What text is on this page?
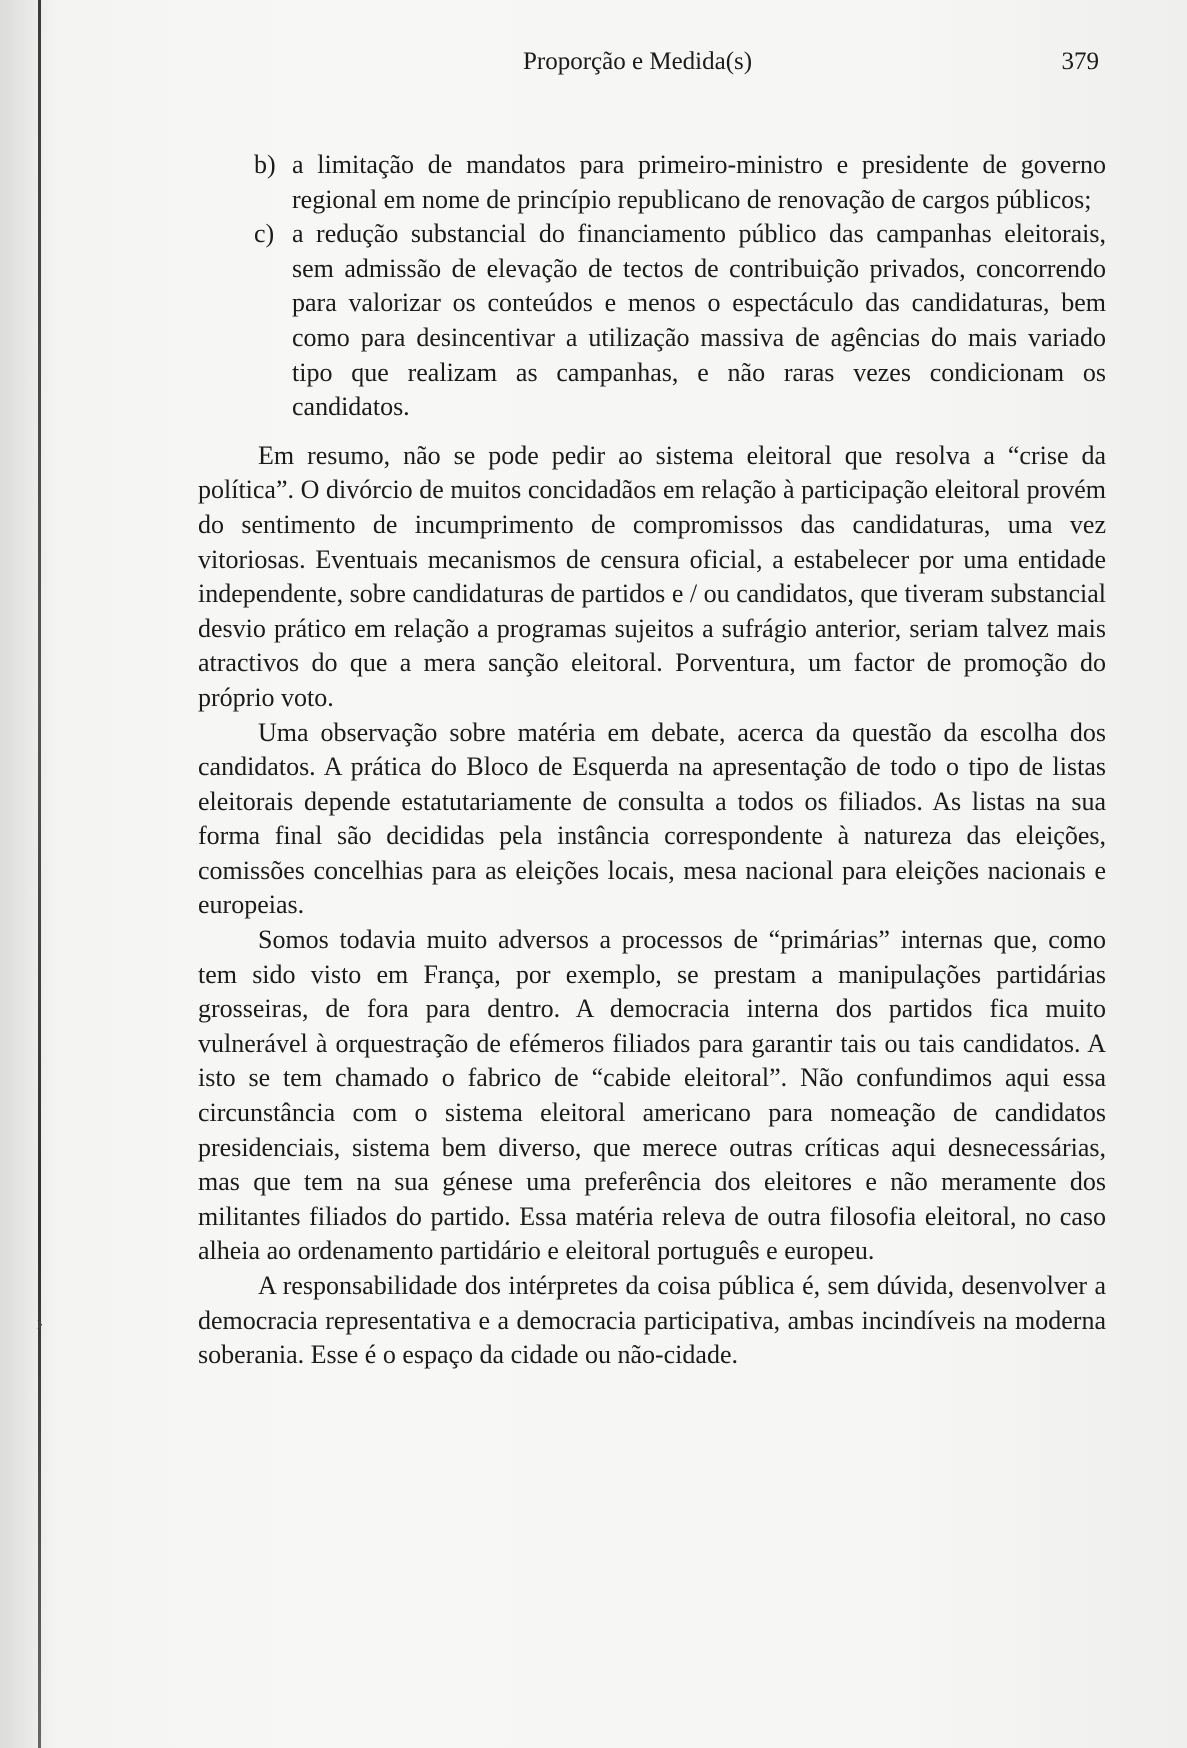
›
Proporção e Medida(s)	379
b) a limitação de mandatos para primeiro-ministro e presidente de governo regional em nome de princípio republicano de renovação de cargos públicos;
c) a redução substancial do financiamento público das campanhas eleitorais, sem admissão de elevação de tectos de contribuição privados, concorrendo para valorizar os conteúdos e menos o espectáculo das candidaturas, bem como para desincentivar a utilização massiva de agências do mais variado tipo que realizam as campanhas, e não raras vezes condicionam os candidatos.

Em resumo, não se pode pedir ao sistema eleitoral que resolva a “crise da política”. O divórcio de muitos concidadãos em relação à participação eleitoral provém do sentimento de incumprimento de compromissos das candidaturas, uma vez vitoriosas. Eventuais mecanismos de censura oficial, a estabelecer por uma entidade independente, sobre candidaturas de partidos e / ou candidatos, que tiveram substancial desvio prático em relação a programas sujeitos a sufrágio anterior, seriam talvez mais atractivos do que a mera sanção eleitoral. Porventura, um factor de promoção do próprio voto.

Uma observação sobre matéria em debate, acerca da questão da escolha dos candidatos. A prática do Bloco de Esquerda na apresentação de todo o tipo de listas eleitorais depende estatutariamente de consulta a todos os filiados. As listas na sua forma final são decididas pela instância correspondente à natureza das eleições, comissões concelhias para as eleições locais, mesa nacional para eleições nacionais e europeias.

Somos todavia muito adversos a processos de “primárias” internas que, como tem sido visto em França, por exemplo, se prestam a manipulações partidárias grosseiras, de fora para dentro. A democracia interna dos partidos fica muito vulnerável à orquestração de efémeros filiados para garantir tais ou tais candidatos. A isto se tem chamado o fabrico de “cabide eleitoral”. Não confundimos aqui essa circunstância com o sistema eleitoral americano para nomeação de candidatos presidenciais, sistema bem diverso, que merece outras críticas aqui desnecessárias, mas que tem na sua génese uma preferência dos eleitores e não meramente dos militantes filiados do partido. Essa matéria releva de outra filosofia eleitoral, no caso alheia ao ordenamento partidário e eleitoral português e europeu.

A responsabilidade dos intérpretes da coisa pública é, sem dúvida, desenvolver a democracia representativa e a democracia participativa, ambas incindíveis na moderna soberania. Esse é o espaço da cidade ou não-cidade.
